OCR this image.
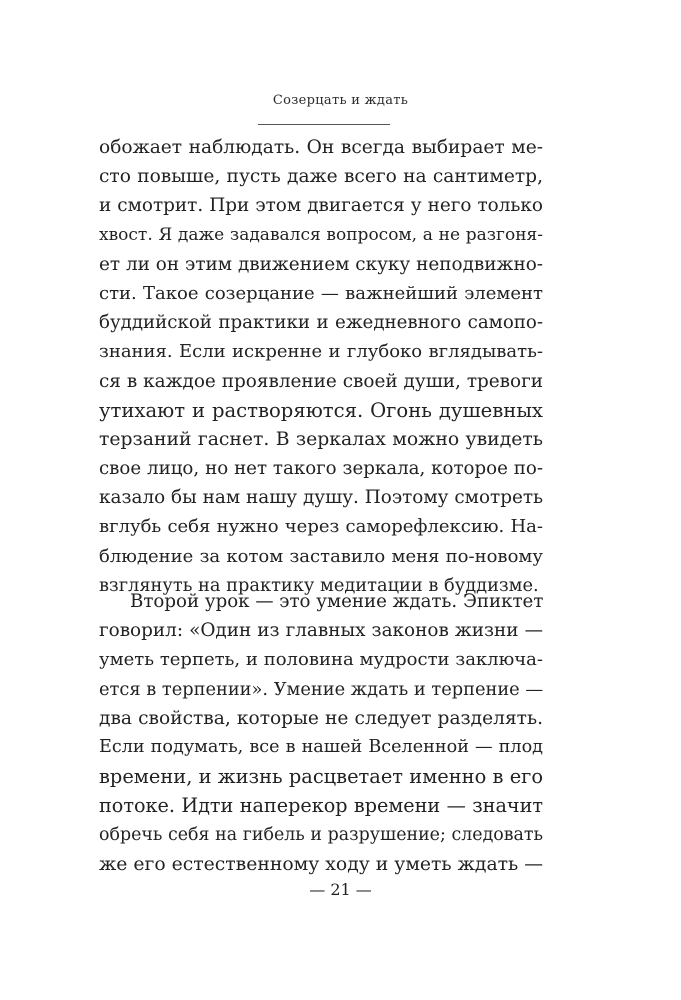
Созерцать и ждать
обожает наблюдать. Он всегда выбирает ме-
сто повыше, пусть даже всего на сантиметр,
и смотрит. При этом двигается у него только
хвост. Я даже задавался вопросом, а не разгоня-
ет ли он этим движением скуку неподвижно-
сти. Такое созерцание — важнейший элемент
буддийской практики и ежедневного самопо-
знания. Если искренне и глубоко вглядывать-
ся в каждое проявление своей души, тревоги
утихают и растворяются. Огонь душевных
терзаний гаснет. В зеркалах можно увидеть
свое лицо, но нет такого зеркала, которое по-
казало бы нам нашу душу. Поэтому смотреть
вглубь себя нужно через саморефлексию. На-
блюдение за котом заставило меня по-новому
взглянуть на практику медитации в буддизме.
Второй урок — это умение ждать. Эпиктет
говорил: «Один из главных законов жизни —
уметь терпеть, и половина мудрости заключа-
ется в терпении». Умение ждать и терпение —
два свойства, которые не следует разделять.
Если подумать, все в нашей Вселенной — плод
времени, и жизнь расцветает именно в его
потоке. Идти наперекор времени — значит
обречь себя на гибель и разрушение; следовать
же его естественному ходу и уметь ждать —
— 21 —
